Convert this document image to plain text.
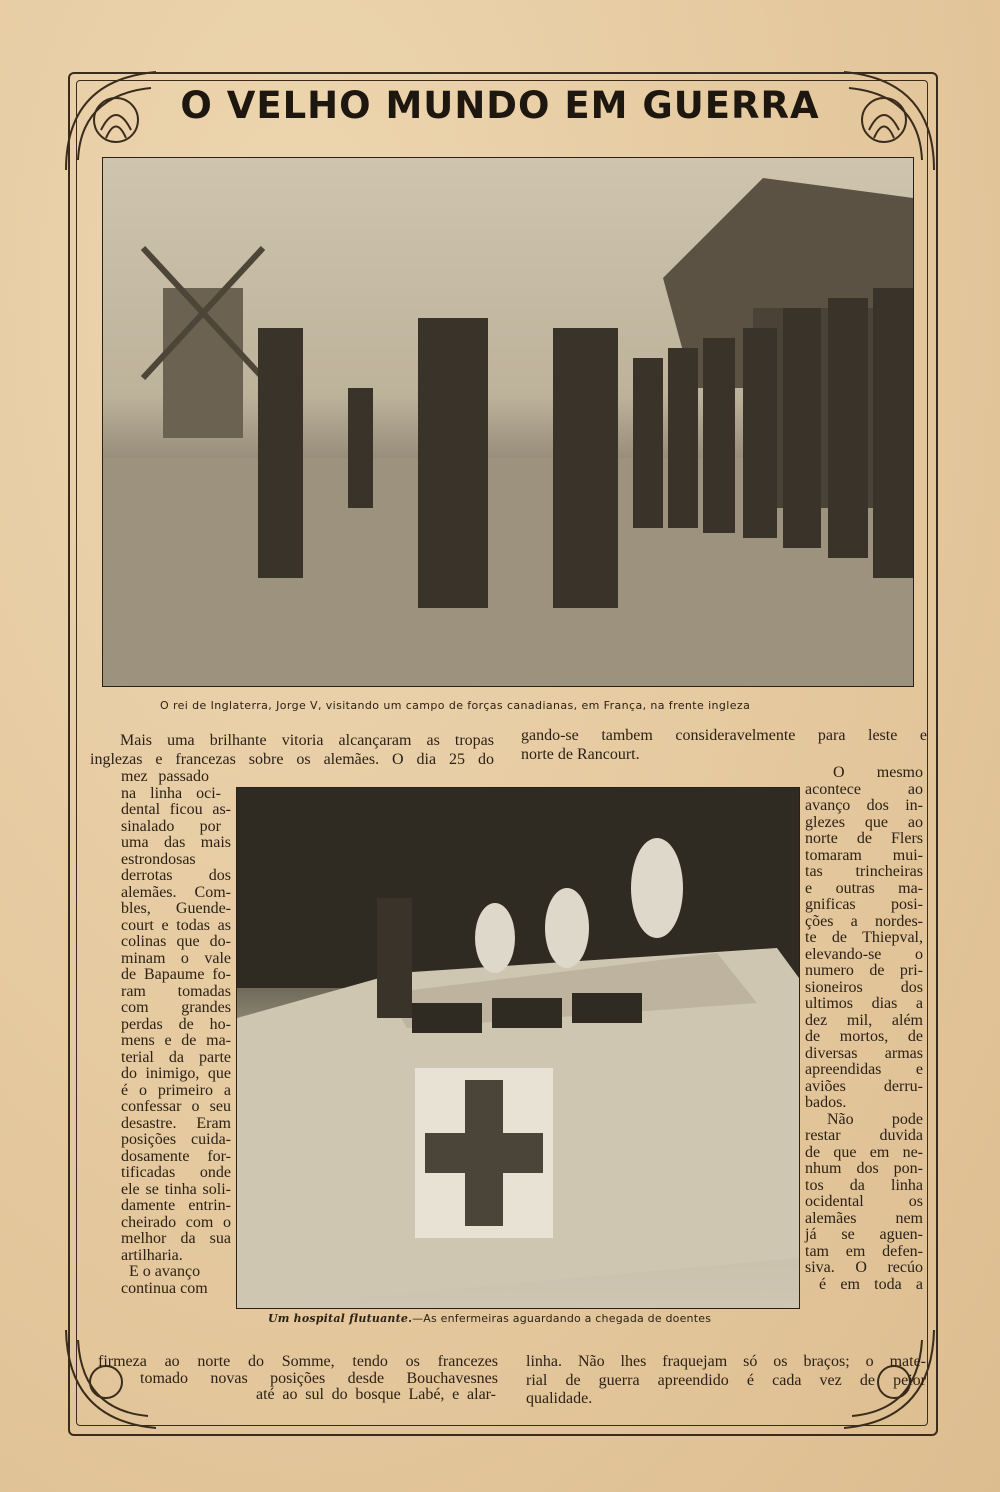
O VELHO MUNDO EM GUERRA
O rei de Inglaterra, Jorge V, visitando um campo de forças canadianas, em França, na frente ingleza
Um hospital flutuante.—As enfermeiras aguardando a chegada de doentes
Mais uma brilhante vitoria alcançaram as tropas
inglezas e francezas sobre os alemães. O dia 25 do
mez passado
na linha oci-
dental ficou as-
sinalado por
uma das mais
estrondosas
derrotas dos
alemães. Com-
bles, Guende-
court e todas as
colinas que do-
minam o vale
de Bapaume fo-
ram tomadas
com grandes
perdas de ho-
mens e de ma-
terial da parte
do inimigo, que
é o primeiro a
confessar o seu
desastre. Eram
posições cuida-
dosamente for-
tificadas onde
ele se tinha soli-
damente entrin-
cheirado com o
melhor da sua
artilharia.
E o avanço
continua com
firmeza ao norte do Somme, tendo os francezes
tomado novas posições desde Bouchavesnes
até ao sul do bosque Labé, e alar-
gando-se tambem consideravelmente para leste e
norte de Rancourt.
O mesmo
acontece ao
avanço dos in-
glezes que ao
norte de Flers
tomaram mui-
tas trincheiras
e outras ma-
gnificas posi-
ções a nordes-
te de Thiepval,
elevando-se o
numero de pri-
sioneiros dos
ultimos dias a
dez mil, além
de mortos, de
diversas armas
apreendidas e
aviões derru-
bados.
Não pode
restar duvida
de que em ne-
nhum dos pon-
tos da linha
ocidental os
alemães nem
já se aguen-
tam em defen-
siva. O recúo
é em toda a
linha. Não lhes fraquejam só os braços; o mate-
rial de guerra apreendido é cada vez de peior
qualidade.
